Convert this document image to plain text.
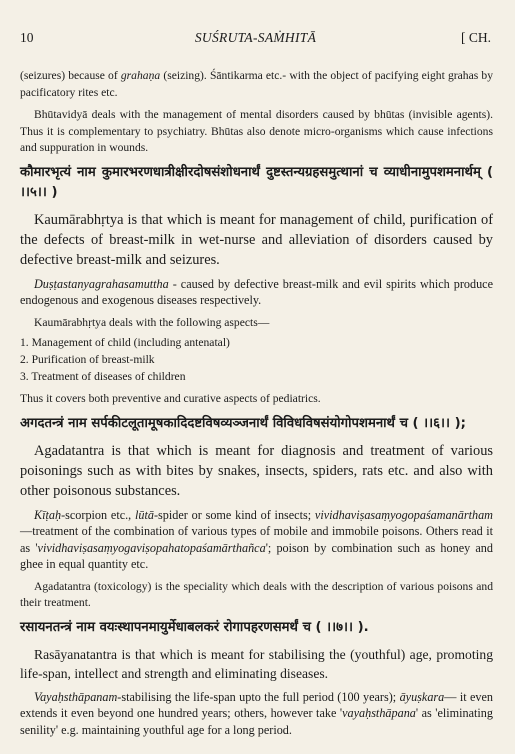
10	SUŚRUTA-SAṀHITĀ	[ CH.

(seizures) because of grahaṇa (seizing). Śāntikarma etc.- with the object of pacifying eight grahas by pacificatory rites etc.

Bhūtavidyā deals with the management of mental disorders caused by bhūtas (invisible agents). Thus it is complementary to psychiatry. Bhūtas also denote micro-organisms which cause infections and suppuration in wounds.

कौमारभृत्यं नाम कुमारभरणधात्रीक्षीरदोषसंशोधनार्थं दुष्टस्तन्यग्रहसमुत्थानां च व्याधीनामुपशमनार्थम् ( ।।५।। )

Kaumārabhṛtya is that which is meant for management of child, purification of the defects of breast-milk in wet-nurse and alleviation of disorders caused by defective breast-milk and seizures.

Duṣṭastanyagrahasamuttha - caused by defective breast-milk and evil spirits which produce endogenous and exogenous diseases respectively.

Kaumārabhṛtya deals with the following aspects—

1. Management of child (including antenatal)
2. Purification of breast-milk
3. Treatment of diseases of children

Thus it covers both preventive and curative aspects of pediatrics.

अगदतन्त्रं नाम सर्पकीटलूतामूषकादिदष्टविषव्यञ्जनार्थं विविधविषसंयोगोपशमनार्थं च ( ।।६।। );

Agadatantra is that which is meant for diagnosis and treatment of various poisonings such as with bites by snakes, insects, spiders, rats etc. and also with other poisonous substances.

Kīṭaḥ-scorpion etc., lūtā-spider or some kind of insects; vividhaviṣasaṃyogopaśamanārtham—treatment of the combination of various types of mobile and immobile poisons. Others read it as 'vividhaviṣasaṃyogaviṣopahatopaśamārthañca'; poison by combination such as honey and ghee in equal quantity etc.

Agadatantra (toxicology) is the speciality which deals with the description of various poisons and their treatment.

रसायनतन्त्रं नाम वयःस्थापनमायुर्मेधाबलकरं रोगापहरणसमर्थं च ( ।।७।। ).

Rasāyanatantra is that which is meant for stabilising the (youthful) age, promoting life-span, intellect and strength and eliminating diseases.

Vayaḥsthāpanam-stabilising the life-span upto the full period (100 years); āyuṣkara— it even extends it even beyond one hundred years; others, however take 'vayaḥsthāpana' as 'eliminating senility' e.g. maintaining youthful age for a long period.
